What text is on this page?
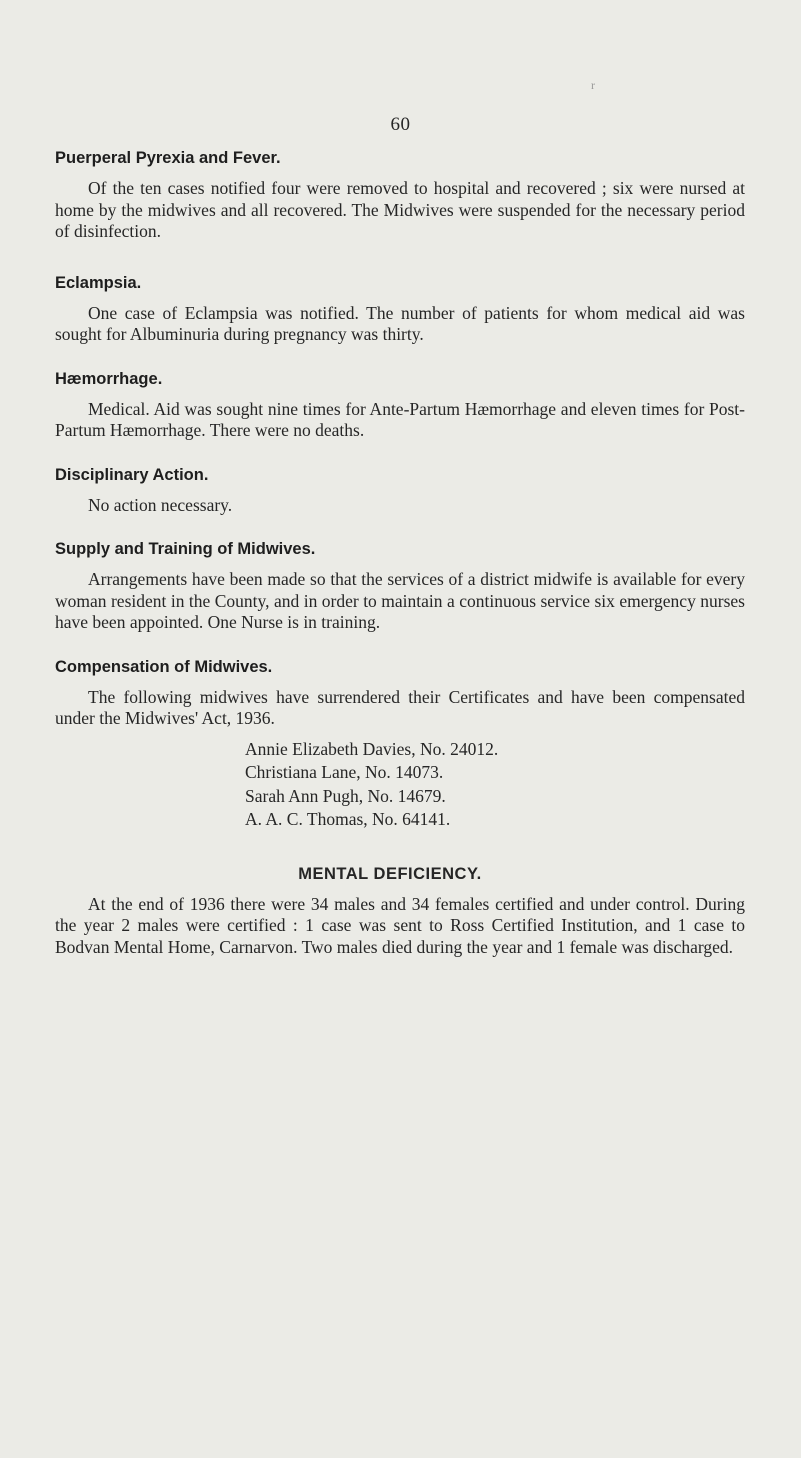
r
60
Puerperal Pyrexia and Fever.

Of the ten cases notified four were removed to hospital and recovered ; six were nursed at home by the midwives and all recovered. The Midwives were suspended for the necessary period of disinfection.

Eclampsia.

One case of Eclampsia was notified. The number of patients for whom medical aid was sought for Albuminuria during pregnancy was thirty.

Hæmorrhage.

Medical. Aid was sought nine times for Ante-Partum Hæmorrhage and eleven times for Post-Partum Hæmorrhage. There were no deaths.

Disciplinary Action.

No action necessary.

Supply and Training of Midwives.

Arrangements have been made so that the services of a district midwife is available for every woman resident in the County, and in order to maintain a continuous service six emergency nurses have been appointed. One Nurse is in training.

Compensation of Midwives.

The following midwives have surrendered their Certificates and have been compensated under the Midwives' Act, 1936.

Annie Elizabeth Davies, No. 24012.
Christiana Lane, No. 14073.
Sarah Ann Pugh, No. 14679.
A. A. C. Thomas, No. 64141.
MENTAL DEFICIENCY.

At the end of 1936 there were 34 males and 34 females certified and under control. During the year 2 males were certified : 1 case was sent to Ross Certified Institution, and 1 case to Bodvan Mental Home, Carnarvon. Two males died during the year and 1 female was discharged.
